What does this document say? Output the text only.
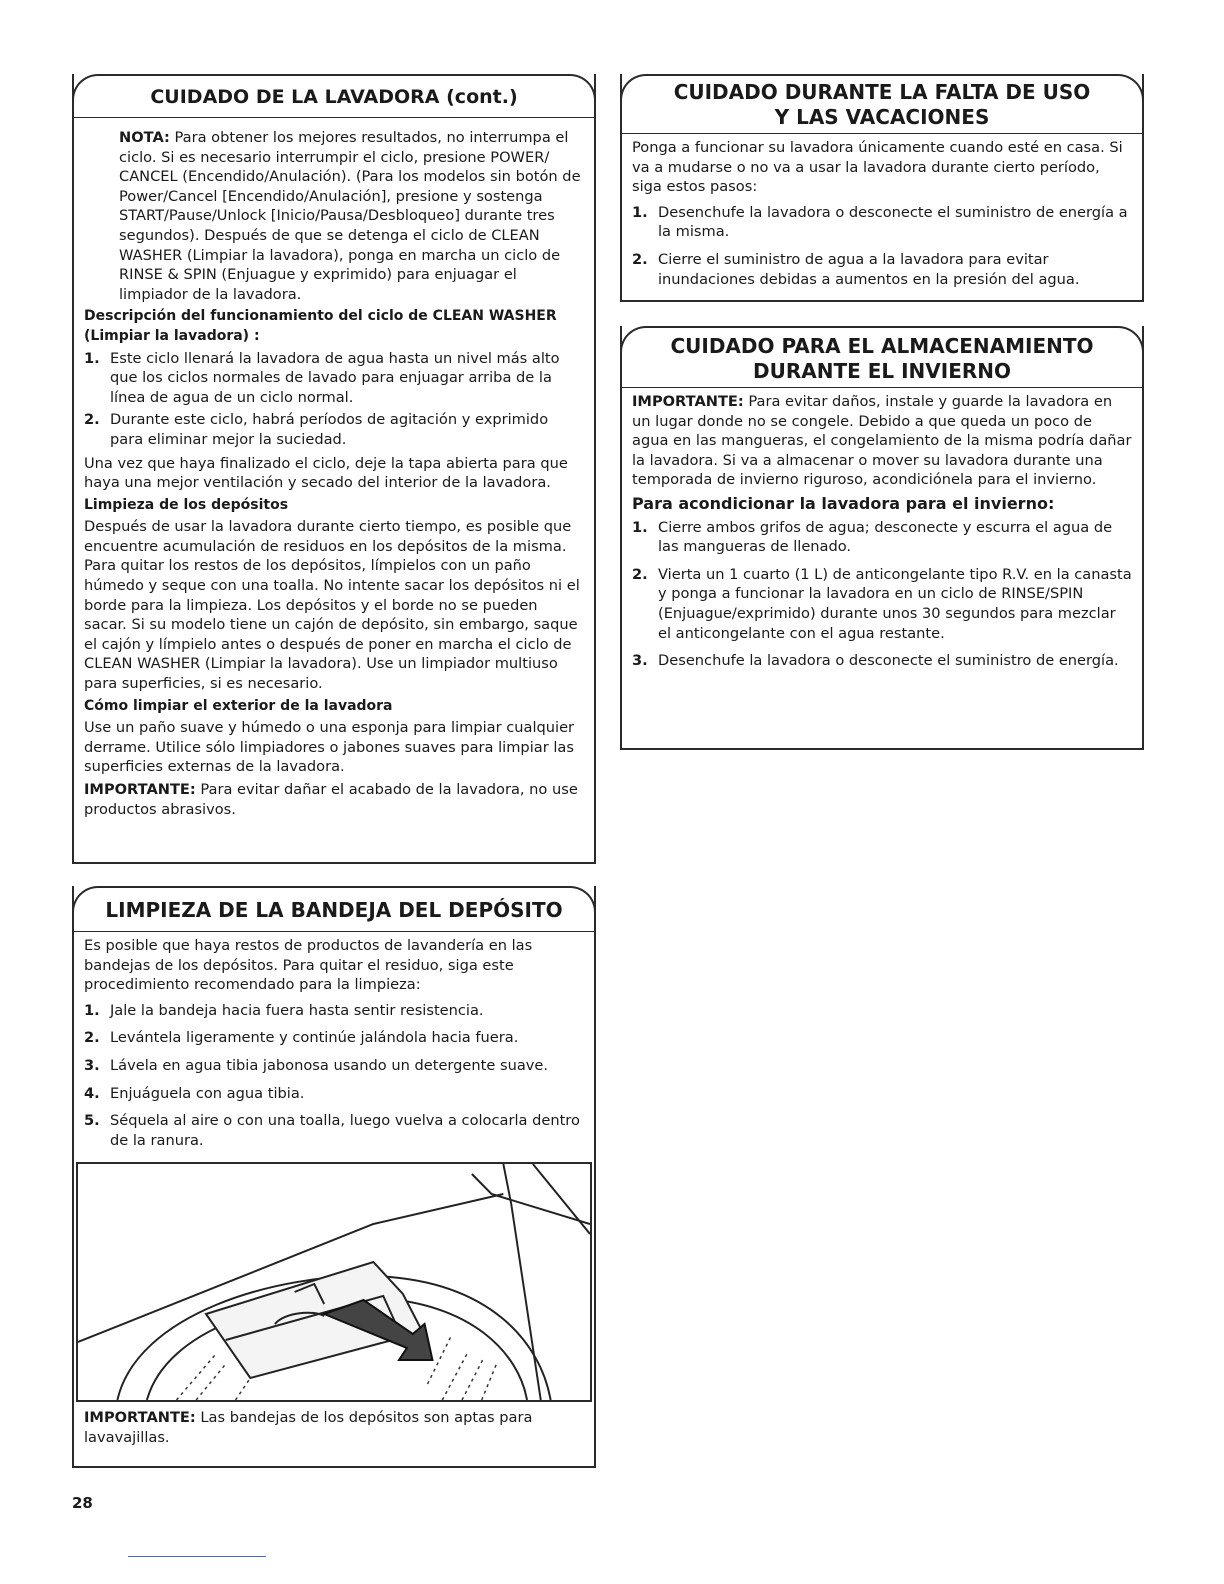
CUIDADO DE LA LAVADORA (cont.)

NOTA: Para obtener los mejores resultados, no interrumpa el ciclo. Si es necesario interrumpir el ciclo, presione POWER/ CANCEL (Encendido/Anulación). (Para los modelos sin botón de Power/Cancel [Encendido/Anulación], presione y sostenga START/Pause/Unlock [Inicio/Pausa/Desbloqueo] durante tres segundos). Después de que se detenga el ciclo de CLEAN WASHER (Limpiar la lavadora), ponga en marcha un ciclo de RINSE & SPIN (Enjuague y exprimido) para enjuagar el limpiador de la lavadora.

Descripción del funcionamiento del ciclo de CLEAN WASHER (Limpiar la lavadora) :
1. Este ciclo llenará la lavadora de agua hasta un nivel más alto que los ciclos normales de lavado para enjuagar arriba de la línea de agua de un ciclo normal.
2. Durante este ciclo, habrá períodos de agitación y exprimido para eliminar mejor la suciedad.

Una vez que haya finalizado el ciclo, deje la tapa abierta para que haya una mejor ventilación y secado del interior de la lavadora.

Limpieza de los depósitos

Después de usar la lavadora durante cierto tiempo, es posible que encuentre acumulación de residuos en los depósitos de la misma. Para quitar los restos de los depósitos, límpielos con un paño húmedo y seque con una toalla. No intente sacar los depósitos ni el borde para la limpieza. Los depósitos y el borde no se pueden sacar. Si su modelo tiene un cajón de depósito, sin embargo, saque el cajón y límpielo antes o después de poner en marcha el ciclo de CLEAN WASHER (Limpiar la lavadora). Use un limpiador multiuso para superficies, si es necesario.

Cómo limpiar el exterior de la lavadora

Use un paño suave y húmedo o una esponja para limpiar cualquier derrame. Utilice sólo limpiadores o jabones suaves para limpiar las superficies externas de la lavadora.

IMPORTANTE: Para evitar dañar el acabado de la lavadora, no use productos abrasivos.

LIMPIEZA DE LA BANDEJA DEL DEPÓSITO

Es posible que haya restos de productos de lavandería en las bandejas de los depósitos. Para quitar el residuo, siga este procedimiento recomendado para la limpieza:

1. Jale la bandeja hacia fuera hasta sentir resistencia.
2. Levántela ligeramente y continúe jalándola hacia fuera.
3. Lávela en agua tibia jabonosa usando un detergente suave.
4. Enjuáguela con agua tibia.
5. Séquela al aire o con una toalla, luego vuelva a colocarla dentro de la ranura.

IMPORTANTE: Las bandejas de los depósitos son aptas para lavavajillas.

CUIDADO DURANTE LA FALTA DE USO
Y LAS VACACIONES

Ponga a funcionar su lavadora únicamente cuando esté en casa. Si va a mudarse o no va a usar la lavadora durante cierto período, siga estos pasos:

1. Desenchufe la lavadora o desconecte el suministro de energía a la misma.
2. Cierre el suministro de agua a la lavadora para evitar inundaciones debidas a aumentos en la presión del agua.
CUIDADO PARA EL ALMACENAMIENTO
DURANTE EL INVIERNO

IMPORTANTE: Para evitar daños, instale y guarde la lavadora en un lugar donde no se congele. Debido a que queda un poco de agua en las mangueras, el congelamiento de la misma podría dañar la lavadora. Si va a almacenar o mover su lavadora durante una temporada de invierno riguroso, acondiciónela para el invierno.

Para acondicionar la lavadora para el invierno:
1. Cierre ambos grifos de agua; desconecte y escurra el agua de las mangueras de llenado.
2. Vierta un 1 cuarto (1 L) de anticongelante tipo R.V. en la canasta y ponga a funcionar la lavadora en un ciclo de RINSE/SPIN (Enjuague/exprimido) durante unos 30 segundos para mezclar el anticongelante con el agua restante.
3. Desenchufe la lavadora o desconecte el suministro de energía.
28
